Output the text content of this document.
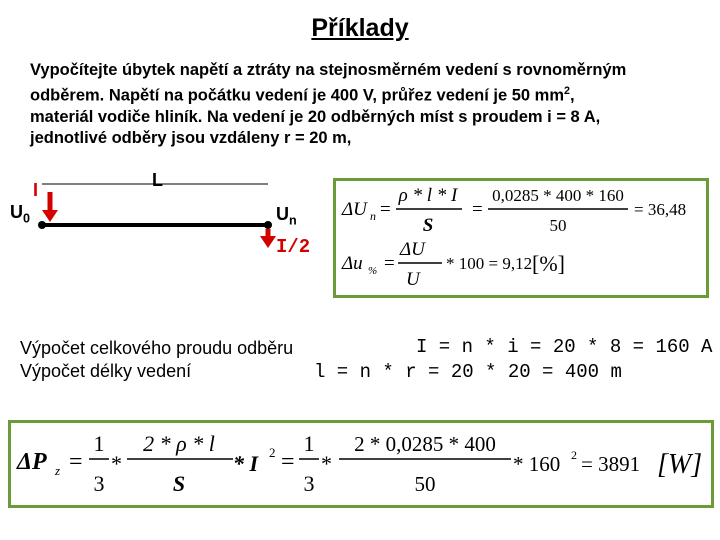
Příklady
Vypočítejte úbytek napětí a ztráty na stejnosměrném vedení s rovnoměrným
odběrem. Napětí na počátku vedení je 400 V, průřez vedení je 50 $mm^2$,
materiál vodiče hliník. Na vedení je 20 odběrných míst s proudem i = 8 A,
jednotlivé odběry jsou vzdáleny r = 20 m,
I	L
$U_0$	$U_n$
I/2
ΔU n =
ρ * l * I
S
=
0,0285 * 400 * 160
50
= 36,48
Δu % =
ΔU
U
* 100 = 9,12 [%]
Výpočet celkového proudu odběru	I = n * i = 20 * 8 = 160 A
Výpočet délky vedení	l = n * r = 20 * 20 = 400 m
ΔP z =
1
3
*
2 * ρ * l
S
* I 2 =
1
3
*
2 * 0,0285 * 400
50
* 160 2 = 3891 [W]
